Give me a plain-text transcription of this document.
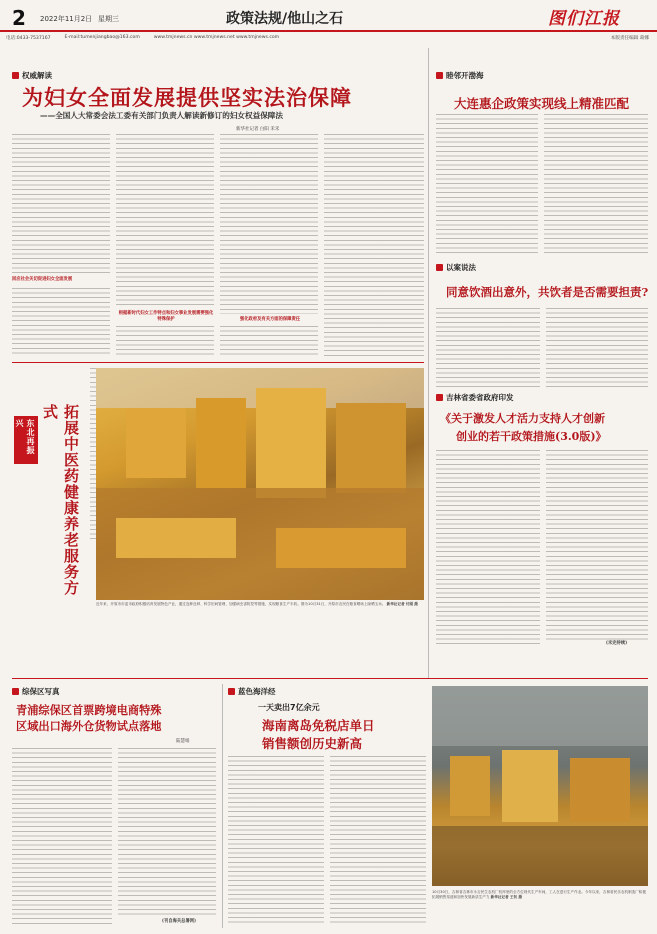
2 2022年11月2日 星期三	政策法规/他山之石	图们江报
电话:0433-7537167	E-mail:tumenjiangbao@163.com	www.tmjnews.cn www.tmjnews.net www.tmjnews.com	本版责任编辑 葛娜
权威解读
为妇女全面发展提供坚实法治保障
——全国人大常委会法工委有关部门负责人解读新修订的妇女权益保障法
新华社记者 白阳 禾禾
回应社会关切促进妇女全面发展
根据新时代妇女工作特点和妇女事业发展需要强化特殊保护	强化政府及有关方面的保障责任
拓展中医药健康养老服务方式
东北再振兴
近年来，开原市市委市政府积极培育发展特色产业，通过连种良种、科学田间管理、加强病虫害防控等措施，实现粮食生产丰收。图为10月31日，开原市农民在粮食晒场上晾晒玉米。 新华社记者 付刚 摄
睦邻开渤海
大连惠企政策实现线上精准匹配
以案说法
同意饮酒出意外，共饮者是否需要担责?
吉林省委省政府印发
《关于激发人才活力支持人才创新
创业的若干政策措施(3.0版)》
(未完待续)
综保区写真
青浦综保区首票跨境电商特殊
区域出口海外仓货物试点落地
陆慧娟
(刊自海关总署网)
蓝色海洋经
一天卖出7亿余元
海南离岛免税店单日
销售额创历史新高
10月30日，吉林省吉林市永吉民生农机厂机库里的全方位现代生产车间，工人在进行生产作业。今年以来，吉林省民乐农机制造厂积极拓展销售渠道和加快发展新质生产力 新华社记者 王钊 摄
